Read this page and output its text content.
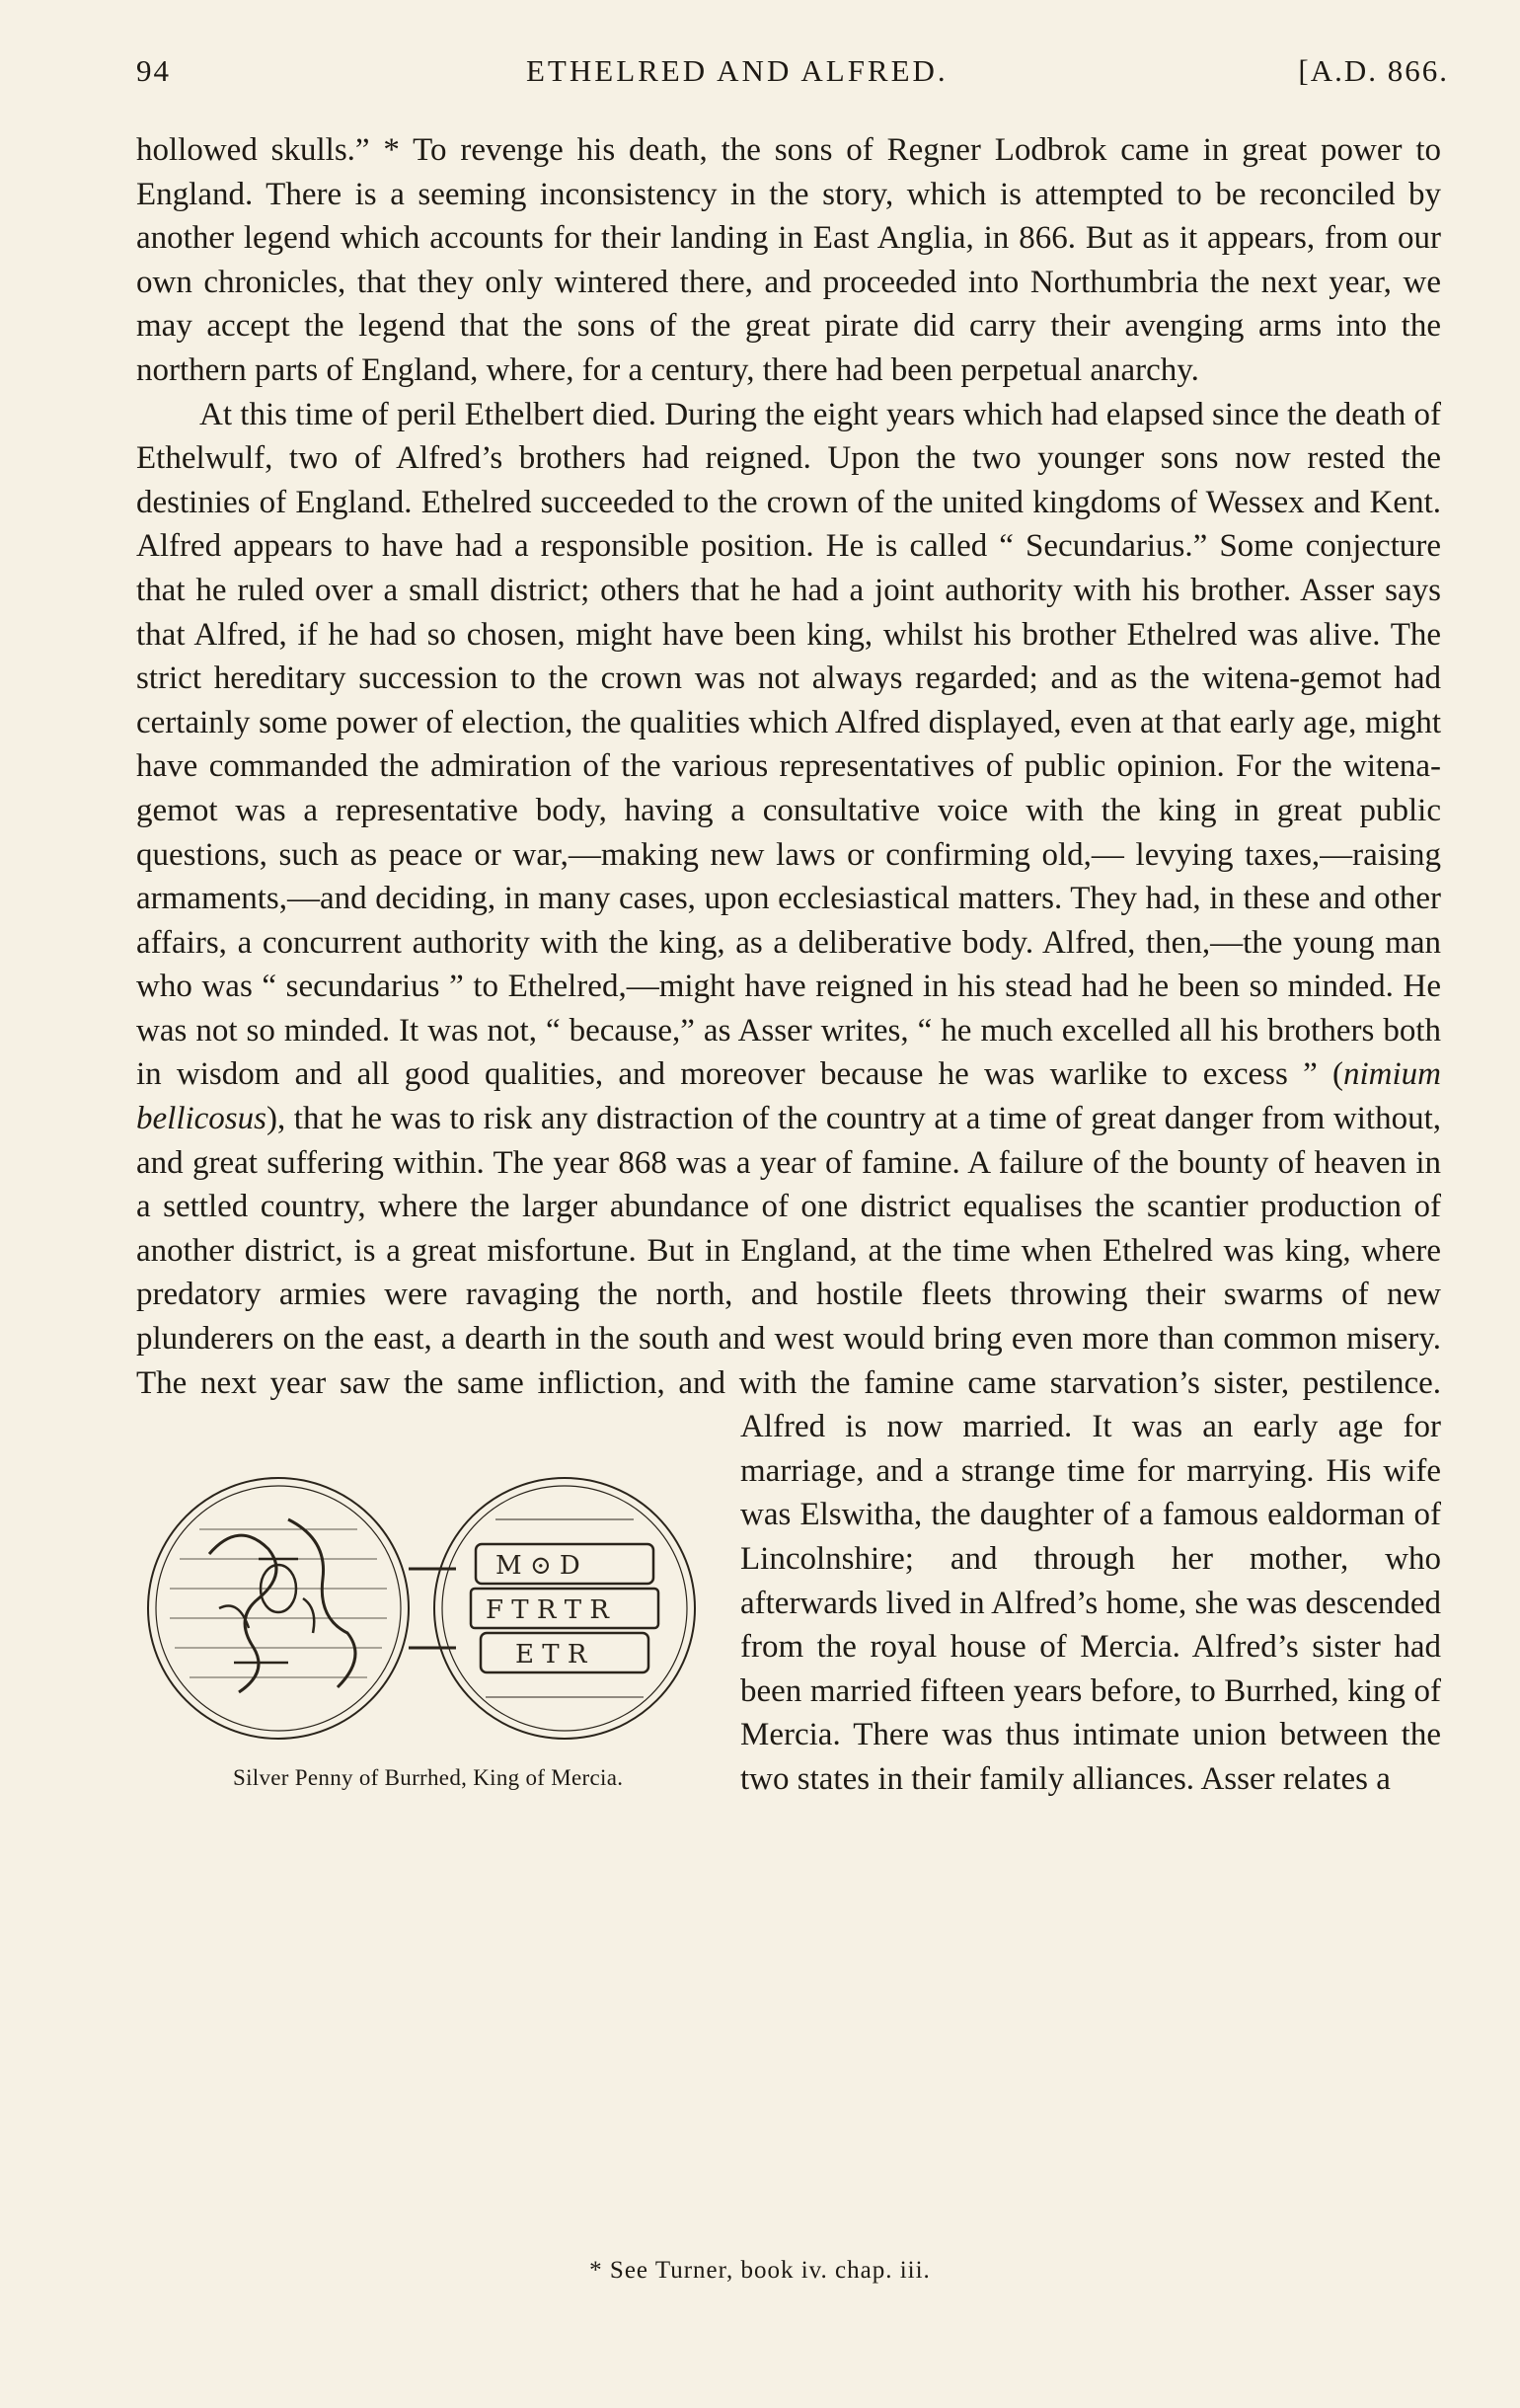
94	ETHELRED AND ALFRED.	[A.D. 866.

hollowed skulls.” * To revenge his death, the sons of Regner Lodbrok came in great power to England. There is a seeming inconsistency in the story, which is attempted to be reconciled by another legend which accounts for their landing in East Anglia, in 866. But as it appears, from our own chronicles, that they only wintered there, and proceeded into Northumbria the next year, we may accept the legend that the sons of the great pirate did carry their avenging arms into the northern parts of England, where, for a century, there had been perpetual anarchy.

At this time of peril Ethelbert died. During the eight years which had elapsed since the death of Ethelwulf, two of Alfred’s brothers had reigned. Upon the two younger sons now rested the destinies of England. Ethelred succeeded to the crown of the united kingdoms of Wessex and Kent. Alfred appears to have had a responsible position. He is called “ Secundarius.” Some conjecture that he ruled over a small district; others that he had a joint authority with his brother. Asser says that Alfred, if he had so chosen, might have been king, whilst his brother Ethelred was alive. The strict hereditary succession to the crown was not always regarded; and as the witena-gemot had certainly some power of election, the qualities which Alfred displayed, even at that early age, might have commanded the admiration of the various representatives of public opinion. For the witena-gemot was a representative body, having a consultative voice with the king in great public questions, such as peace or war,—making new laws or confirming old,— levying taxes,—raising armaments,—and deciding, in many cases, upon ecclesiastical matters. They had, in these and other affairs, a concurrent authority with the king, as a deliberative body. Alfred, then,—the young man who was “ secundarius ” to Ethelred,—might have reigned in his stead had he been so minded. He was not so minded. It was not, “ because,” as Asser writes, “ he much excelled all his brothers both in wisdom and all good qualities, and moreover because he was warlike to excess ” (nimium bellicosus), that he was to risk any distraction of the country at a time of great danger from without, and great suffering within. The year 868 was a year of famine. A failure of the bounty of heaven in a settled country, where the larger abundance of one district equalises the scantier production of another district, is a great misfortune. But in England, at the time when Ethelred was king, where predatory armies were ravaging the north, and hostile fleets throwing their swarms of new plunderers on the east, a dearth in the south and west would bring even more than common misery. The next year saw the same infliction, and with the famine came starvation’s sister, pestilence. Alfred is
M ⊙ D
F T R T R
E T R
Silver Penny of Burrhed, King of Mercia.
now married. It was an early age for marriage, and a strange time for marrying. His wife was Elswitha, the daughter of a famous ealdorman of Lincolnshire; and through her mother, who afterwards lived in Alfred’s home, she was descended from the royal house of Mercia. Alfred’s sister had been married fifteen years before, to Burrhed, king of Mercia. There was thus intimate union between the two states in their family alliances. Asser relates a

* See Turner, book iv. chap. iii.
